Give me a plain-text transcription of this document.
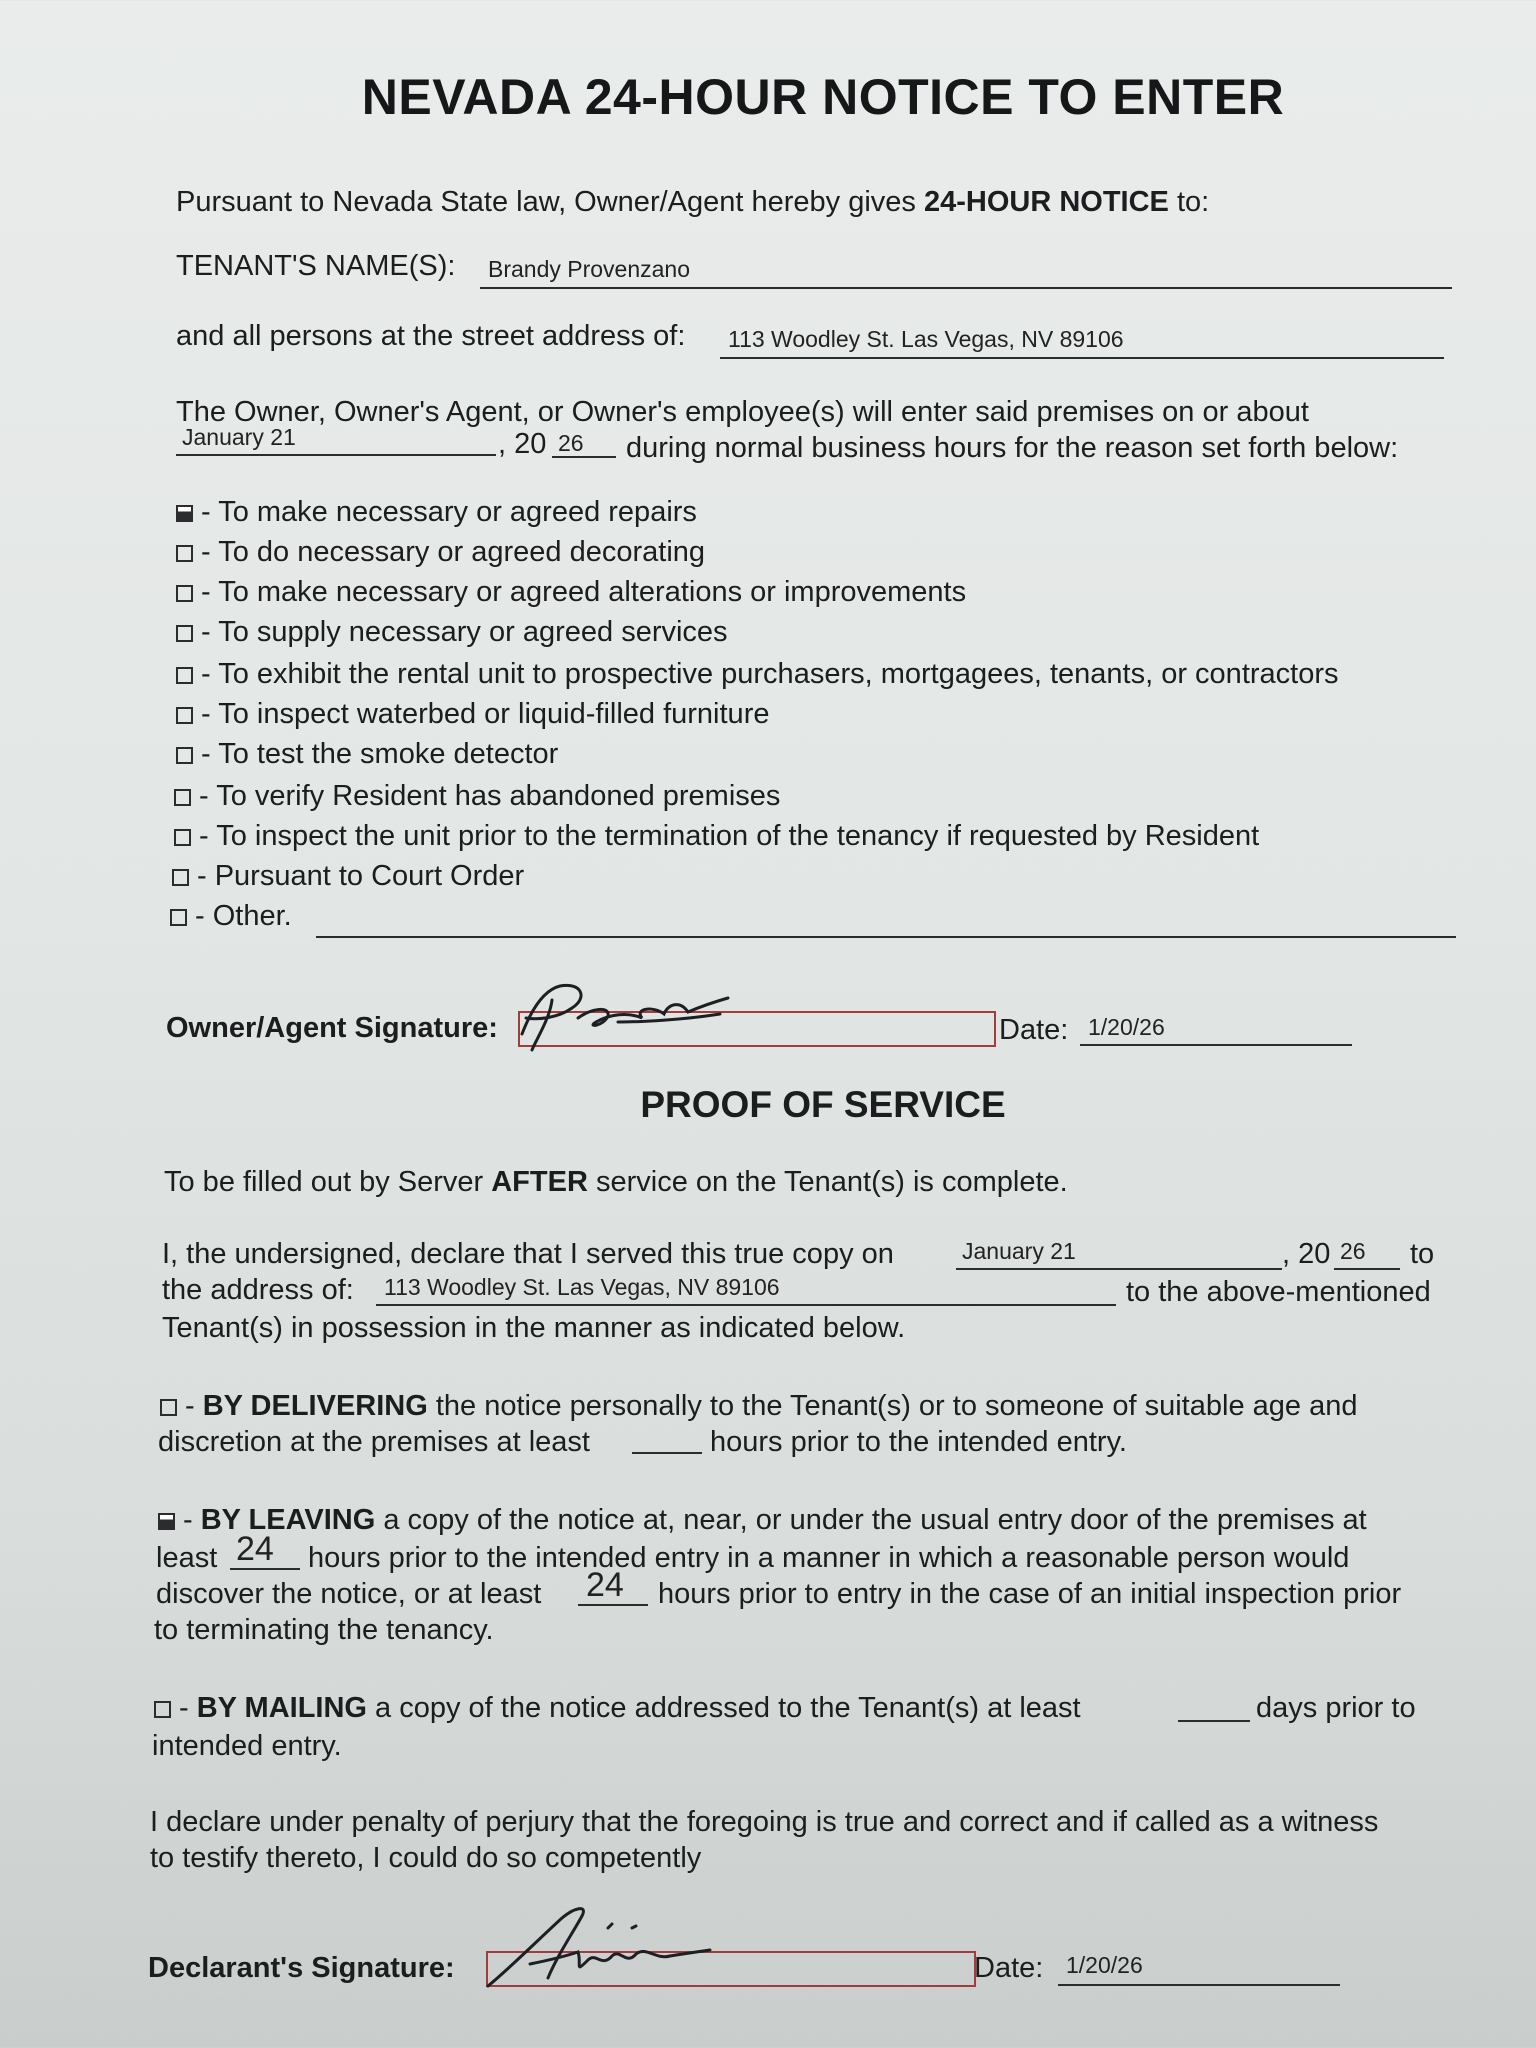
NEVADA 24-HOUR NOTICE TO ENTER
Pursuant to Nevada State law, Owner/Agent hereby gives 24-HOUR NOTICE to:
TENANT'S NAME(S): Brandy Provenzano
and all persons at the street address of: 113 Woodley St. Las Vegas, NV 89106
The Owner, Owner's Agent, or Owner's employee(s) will enter said premises on or about
January 21	, 20 26 during normal business hours for the reason set forth below:
- To make necessary or agreed repairs
- To do necessary or agreed decorating
- To make necessary or agreed alterations or improvements
- To supply necessary or agreed services
- To exhibit the rental unit to prospective purchasers, mortgagees, tenants, or contractors
- To inspect waterbed or liquid-filled furniture
- To test the smoke detector
- To verify Resident has abandoned premises
- To inspect the unit prior to the termination of the tenancy if requested by Resident
- Pursuant to Court Order
- Other.
Owner/Agent Signature:	Date: 1/20/26
PROOF OF SERVICE
To be filled out by Server AFTER service on the Tenant(s) is complete.
I, the undersigned, declare that I served this true copy on	January 21	, 20 26 to
the address of: 113 Woodley St. Las Vegas, NV 89106	to the above-mentioned
Tenant(s) in possession in the manner as indicated below.
- BY DELIVERING the notice personally to the Tenant(s) or to someone of suitable age and
discretion at the premises at least	hours prior to the intended entry.
- BY LEAVING a copy of the notice at, near, or under the usual entry door of the premises at
least 24 hours prior to the intended entry in a manner in which a reasonable person would
discover the notice, or at least 24 hours prior to entry in the case of an initial inspection prior
to terminating the tenancy.
- BY MAILING a copy of the notice addressed to the Tenant(s) at least	days prior to
intended entry.
I declare under penalty of perjury that the foregoing is true and correct and if called as a witness
to testify thereto, I could do so competently
Declarant's Signature:	Date: 1/20/26
